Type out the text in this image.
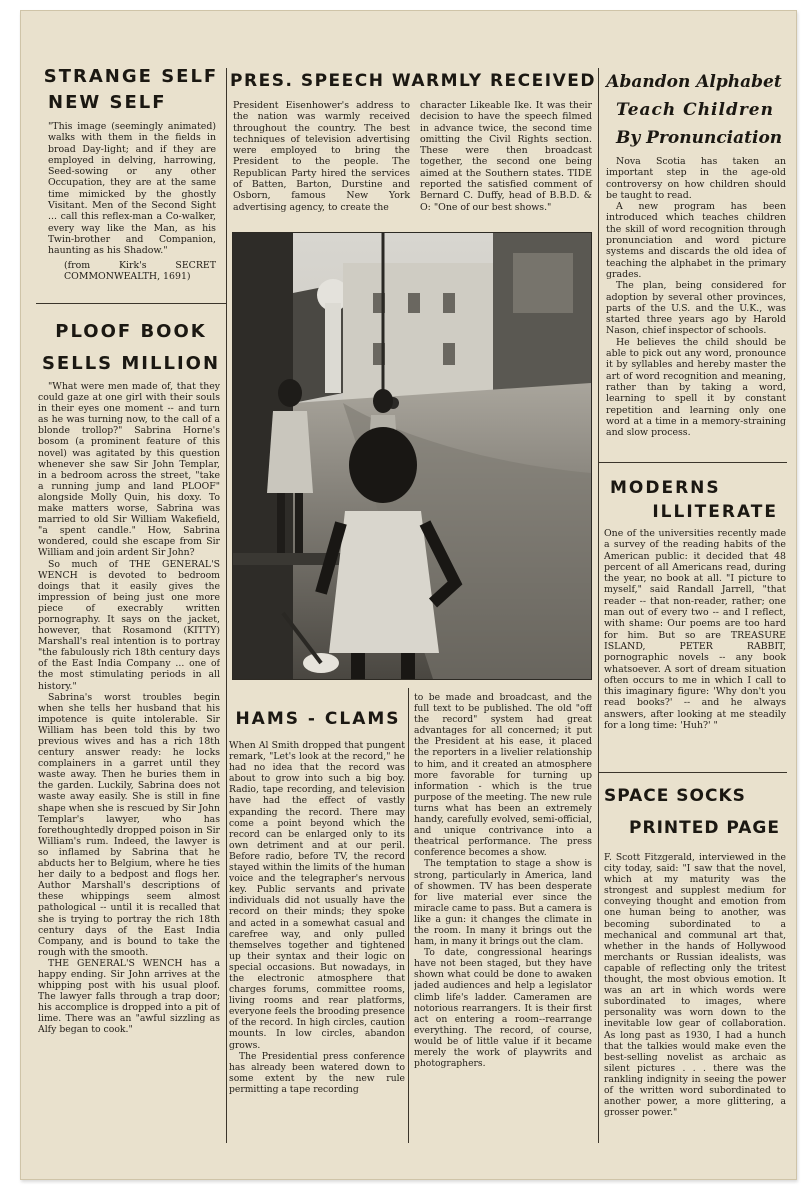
STRANGE SELF
NEW SELF

"This image (seemingly animated) walks with them in the fields in broad Day-light; and if they are employed in delving, harrowing, Seed-sowing or any other Occupation, they are at the same time mimicked by the ghostly Visitant. Men of the Second Sight ... call this reflex-man a Co-walker, every way like the Man, as his Twin-brother and Companion, haunting as his Shadow."

(from Kirk's SECRET COMMONWEALTH, 1691)

PLOOF BOOK
SELLS MILLION

"What were men made of, that they could gaze at one girl with their souls in their eyes one moment -- and turn as he was turning now, to the call of a blonde trollop?" Sabrina Horne's bosom (a prominent feature of this novel) was agitated by this question whenever she saw Sir John Templar, in a bedroom across the street, "take a running jump and land PLOOF" alongside Molly Quin, his doxy. To make matters worse, Sabrina was married to old Sir William Wakefield, "a spent candle." How, Sabrina wondered, could she escape from Sir William and join ardent Sir John?

So much of THE GENERAL'S WENCH is devoted to bedroom doings that it easily gives the impression of being just one more piece of execrably written pornography. It says on the jacket, however, that Rosamond (KITTY) Marshall's real intention is to portray "the fabulously rich 18th century days of the East India Company ... one of the most stimulating periods in all history."

Sabrina's worst troubles begin when she tells her husband that his impotence is quite intolerable. Sir William has been told this by two previous wives and has a rich 18th century answer ready: he locks complainers in a garret until they waste away. Then he buries them in the garden. Luckily, Sabrina does not waste away easily. She is still in fine shape when she is rescued by Sir John Templar's lawyer, who has forethoughtedly dropped poison in Sir William's rum. Indeed, the lawyer is so inflamed by Sabrina that he abducts her to Belgium, where he ties her daily to a bedpost and flogs her. Author Marshall's descriptions of these whippings seem almost pathological -- until it is recalled that she is trying to portray the rich 18th century days of the East India Company, and is bound to take the rough with the smooth.

THE GENERAL'S WENCH has a happy ending. Sir John arrives at the whipping post with his usual ploof. The lawyer falls through a trap door; his accomplice is dropped into a pit of lime. There was an "awful sizzling as Alfy began to cook."

PRES. SPEECH WARMLY RECEIVED
President Eisenhower's address to the nation was warmly received throughout the country. The best techniques of television advertising were employed to bring the President to the people. The Republican Party hired the services of Batten, Barton, Durstine and Osborn, famous New York advertising agency, to create the
character Likeable Ike. It was their decision to have the speech filmed in advance twice, the second time omitting the Civil Rights section. These were then broadcast together, the second one being aimed at the Southern states. TIDE reported the satisfied comment of Bernard C. Duffy, head of B.B.D. & O: "One of our best shows."
HAMS - CLAMS

When Al Smith dropped that pungent remark, "Let's look at the record," he had no idea that the record was about to grow into such a big boy. Radio, tape recording, and television have had the effect of vastly expanding the record. There may come a point beyond which the record can be enlarged only to its own detriment and at our peril. Before radio, before TV, the record stayed within the limits of the human voice and the telegrapher's nervous key. Public servants and private individuals did not usually have the record on their minds; they spoke and acted in a somewhat casual and carefree way, and only pulled themselves together and tightened up their syntax and their logic on special occasions. But nowadays, in the electronic atmosphere that charges forums, committee rooms, living rooms and rear platforms, everyone feels the brooding presence of the record. In high circles, caution mounts. In low circles, abandon grows.

The Presidential press conference has already been watered down to some extent by the new rule permitting a tape recording

to be made and broadcast, and the full text to be published. The old "off the record" system had great advantages for all concerned; it put the President at his ease, it placed the reporters in a livelier relationship to him, and it created an atmosphere more favorable for turning up information - which is the true purpose of the meeting. The new rule turns what has been an extremely handy, carefully evolved, semi-official, and unique contrivance into a theatrical performance. The press conference becomes a show.

The temptation to stage a show is strong, particularly in America, land of showmen. TV has been desperate for live material ever since the miracle came to pass. But a camera is like a gun: it changes the climate in the room. In many it brings out the ham, in many it brings out the clam.

To date, congressional hearings have not been staged, but they have shown what could be done to awaken jaded audiences and help a legislator climb life's ladder. Cameramen are notorious rearrangers. It is their first act on entering a room--rearrange everything. The record, of course, would be of little value if it became merely the work of playwrits and photographers.

Abandon Alphabet
Teach Children
By Pronunciation

Nova Scotia has taken an important step in the age-old controversy on how children should be taught to read.

A new program has been introduced which teaches children the skill of word recognition through pronunciation and word picture systems and discards the old idea of teaching the alphabet in the primary grades.

The plan, being considered for adoption by several other provinces, parts of the U.S. and the U.K., was started three years ago by Harold Nason, chief inspector of schools.

He believes the child should be able to pick out any word, pronounce it by syllables and hereby master the art of word recognition and meaning, rather than by taking a word, learning to spell it by constant repetition and learning only one word at a time in a memory-straining and slow process.

MODERNS
ILLITERATE
One of the universities recently made a survey of the reading habits of the American public: it decided that 48 percent of all Americans read, during the year, no book at all. "I picture to myself," said Randall Jarrell, "that reader -- that non-reader, rather; one man out of every two -- and I reflect, with shame: Our poems are too hard for him. But so are TREASURE ISLAND, PETER RABBIT, pornographic novels -- any book whatsoever. A sort of dream situation often occurs to me in which I call to this imaginary figure: 'Why don't you read books?' -- and he always answers, after looking at me steadily for a long time: 'Huh?' "
SPACE SOCKS
PRINTED PAGE
F. Scott Fitzgerald, interviewed in the city today, said: "I saw that the novel, which at my maturity was the strongest and supplest medium for conveying thought and emotion from one human being to another, was becoming subordinated to a mechanical and communal art that, whether in the hands of Hollywood merchants or Russian idealists, was capable of reflecting only the tritest thought, the most obvious emotion. It was an art in which words were subordinated to images, where personality was worn down to the inevitable low gear of collaboration. As long past as 1930, I had a hunch that the talkies would make even the best-selling novelist as archaic as silent pictures . . . there was the rankling indignity in seeing the power of the written word subordinated to another power, a more glittering, a grosser power."
